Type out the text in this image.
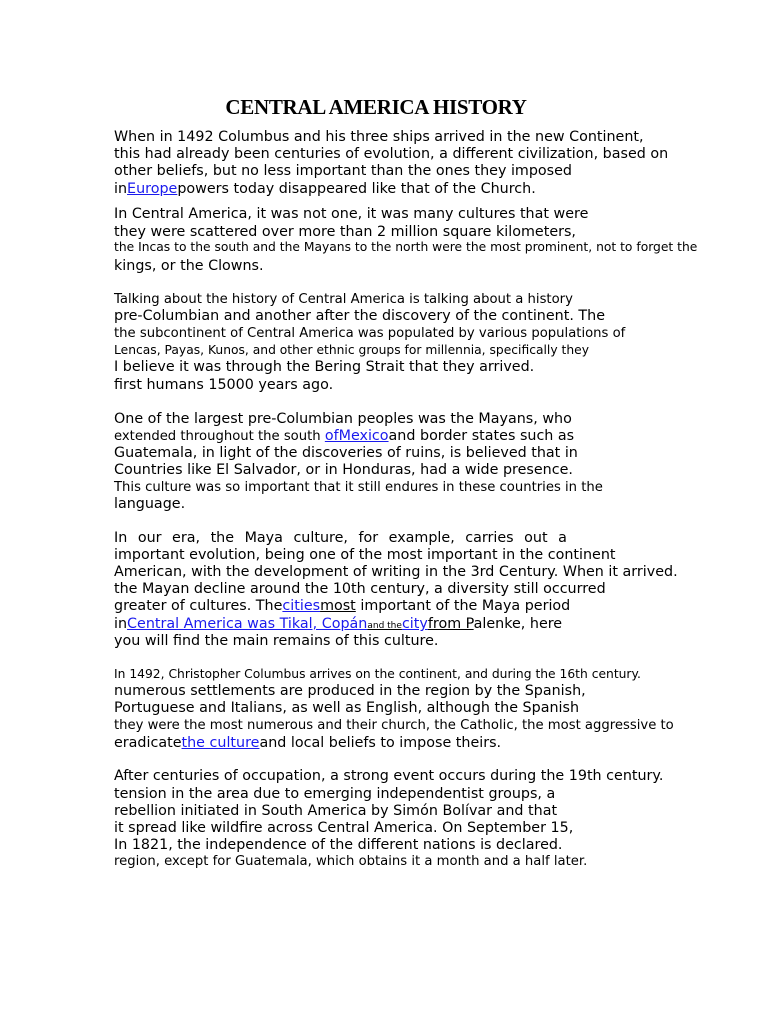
CENTRAL AMERICA HISTORY
When in 1492 Columbus and his three ships arrived in the new Continent,
this had already been centuries of evolution, a different civilization, based on
other beliefs, but no less important than the ones they imposed
inEuropepowers today disappeared like that of the Church.
In Central America, it was not one, it was many cultures that were
they were scattered over more than 2 million square kilometers,
the Incas to the south and the Mayans to the north were the most prominent, not to forget the
kings, or the Clowns.
Talking about the history of Central America is talking about a history
pre-Columbian and another after the discovery of the continent. The
the subcontinent of Central America was populated by various populations of
Lencas, Payas, Kunos, and other ethnic groups for millennia, specifically they
I believe it was through the Bering Strait that they arrived.
first humans 15000 years ago.
One of the largest pre-Columbian peoples was the Mayans, who
extended throughout the south ofMexicoand border states such as
Guatemala, in light of the discoveries of ruins, is believed that in
Countries like El Salvador, or in Honduras, had a wide presence.
This culture was so important that it still endures in these countries in the
language.
In our era, the Maya culture, for example, carries out a
important evolution, being one of the most important in the continent
American, with the development of writing in the 3rd Century. When it arrived.
the Mayan decline around the 10th century, a diversity still occurred
greater of cultures. Thecitiesmost important of the Maya period
inCentral America was Tikal, Copánand thecityfrom Palenke, here
you will find the main remains of this culture.
In 1492, Christopher Columbus arrives on the continent, and during the 16th century.
numerous settlements are produced in the region by the Spanish,
Portuguese and Italians, as well as English, although the Spanish
they were the most numerous and their church, the Catholic, the most aggressive to
eradicatethe cultureand local beliefs to impose theirs.
After centuries of occupation, a strong event occurs during the 19th century.
tension in the area due to emerging independentist groups, a
rebellion initiated in South America by Simón Bolívar and that
it spread like wildfire across Central America. On September 15,
In 1821, the independence of the different nations is declared.
region, except for Guatemala, which obtains it a month and a half later.
